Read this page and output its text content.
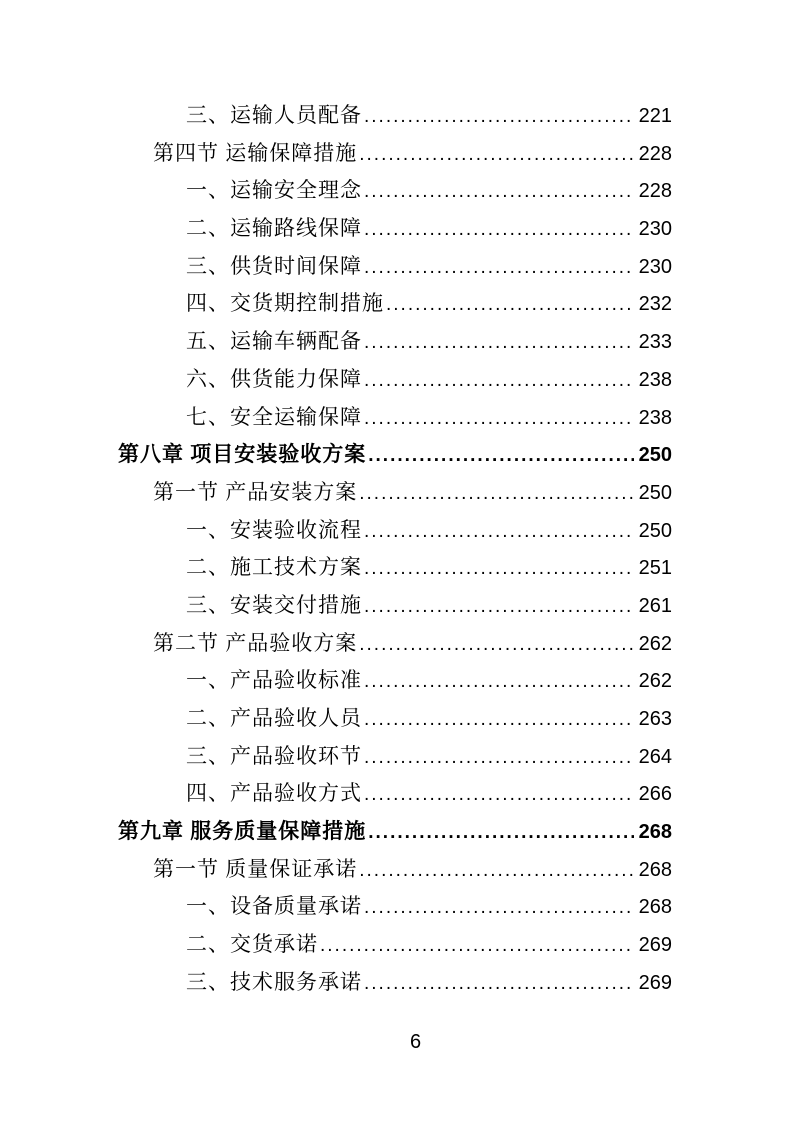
三、运输人员配备 .....	221
第四节 运输保障措施 .....	228
一、运输安全理念 .....	228
二、运输路线保障 .....	230
三、供货时间保障 .....	230
四、交货期控制措施 .....	232
五、运输车辆配备 .....	233
六、供货能力保障 .....	238
七、安全运输保障 .....	238
第八章 项目安装验收方案 .....	250
第一节 产品安装方案 .....	250
一、安装验收流程 .....	250
二、施工技术方案 .....	251
三、安装交付措施 .....	261
第二节 产品验收方案 .....	262
一、产品验收标准 .....	262
二、产品验收人员 .....	263
三、产品验收环节 .....	264
四、产品验收方式 .....	266
第九章 服务质量保障措施 .....	268
第一节 质量保证承诺 .....	268
一、设备质量承诺 .....	268
二、交货承诺 .....	269
三、技术服务承诺 .....	269
6
